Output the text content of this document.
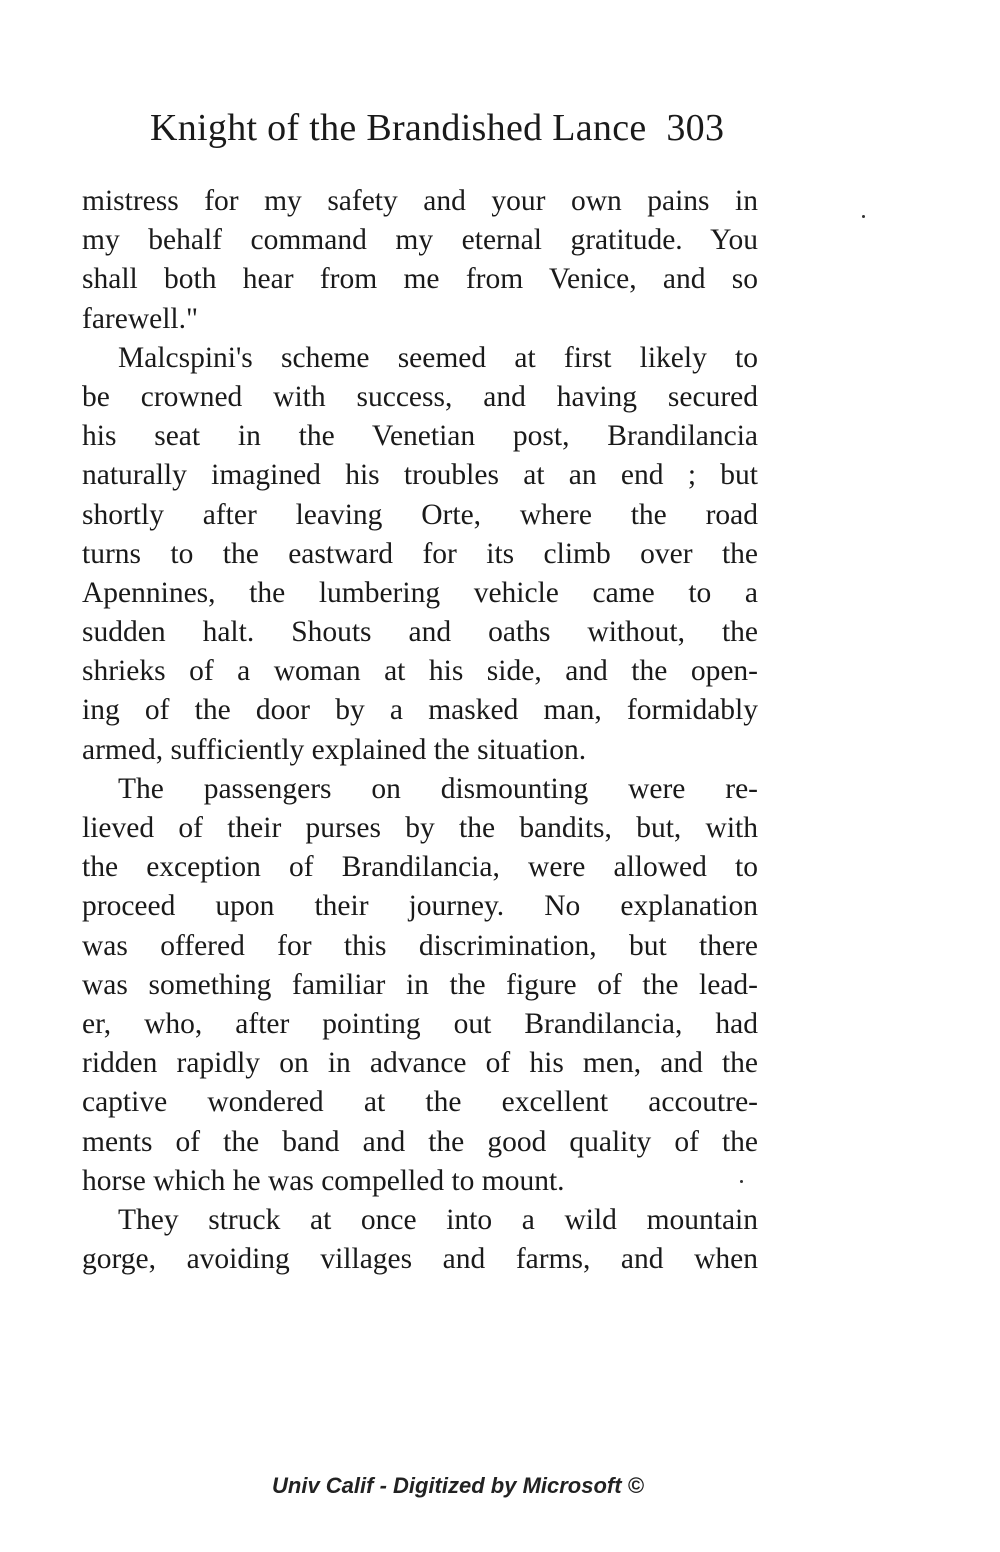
Knight of the Brandished Lance 303
mistress for my safety and your own pains in
my behalf command my eternal gratitude. You
shall both hear from me from Venice, and so
farewell."
Malcspini's scheme seemed at first likely to
be crowned with success, and having secured
his seat in the Venetian post, Brandilancia
naturally imagined his troubles at an end ; but
shortly after leaving Orte, where the road
turns to the eastward for its climb over the
Apennines, the lumbering vehicle came to a
sudden halt. Shouts and oaths without, the
shrieks of a woman at his side, and the open-
ing of the door by a masked man, formidably
armed, sufficiently explained the situation.
The passengers on dismounting were re-
lieved of their purses by the bandits, but, with
the exception of Brandilancia, were allowed to
proceed upon their journey. No explanation
was offered for this discrimination, but there
was something familiar in the figure of the lead-
er, who, after pointing out Brandilancia, had
ridden rapidly on in advance of his men, and the
captive wondered at the excellent accoutre-
ments of the band and the good quality of the
horse which he was compelled to mount.
They struck at once into a wild mountain
gorge, avoiding villages and farms, and when
Univ Calif - Digitized by Microsoft ©
